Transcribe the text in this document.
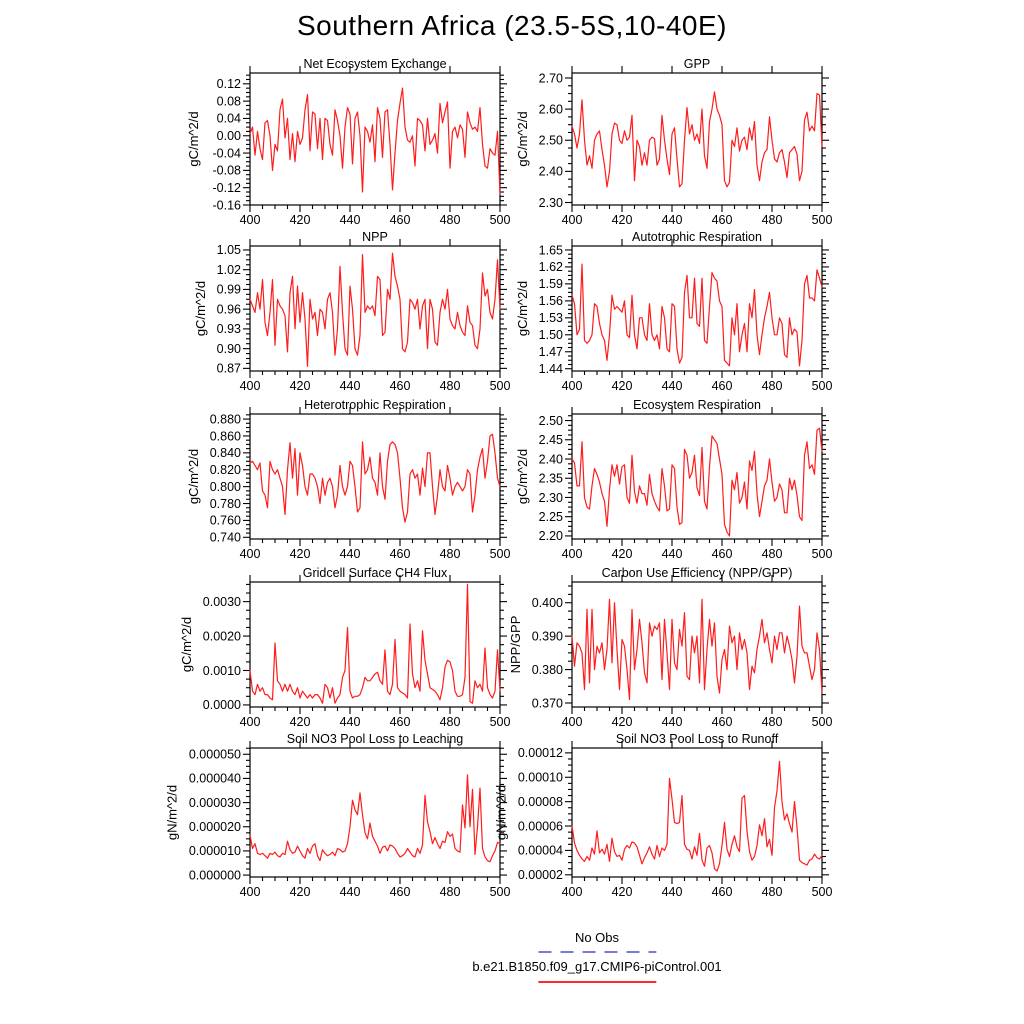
Southern Africa (23.5-5S,10-40E)
Net Ecosystem Exchange
gC/m^2/d
400 420 440 460 480 500
-0.16
-0.12
-0.08
-0.04
0.00
0.04
0.08
0.12
GPP
gC/m^2/d
400 420 440 460 480 500
2.30
2.40
2.50
2.60
2.70
NPP
gC/m^2/d
400 420 440 460 480 500
0.87
0.90
0.93
0.96
0.99
1.02
1.05
Autotrophic Respiration
gC/m^2/d
400 420 440 460 480 500
1.44
1.47
1.50
1.53
1.56
1.59
1.62
1.65
Heterotrophic Respiration
gC/m^2/d
400 420 440 460 480 500
0.740
0.760
0.780
0.800
0.820
0.840
0.860
0.880
Ecosystem Respiration
gC/m^2/d
400 420 440 460 480 500
2.20
2.25
2.30
2.35
2.40
2.45
2.50
Gridcell Surface CH4 Flux
gC/m^2/d
400 420 440 460 480 500
0.0000
0.0010
0.0020
0.0030
Carbon Use Efficiency (NPP/GPP)
NPP/GPP
400 420 440 460 480 500
0.370
0.380
0.390
0.400
Soil NO3 Pool Loss to Leaching
gN/m^2/d
400 420 440 460 480 500
0.000000
0.000010
0.000020
0.000030
0.000040
0.000050
Soil NO3 Pool Loss to Runoff
gN/m^2/d
400 420 440 460 480 500
0.00002
0.00004
0.00006
0.00008
0.00010
0.00012
No Obs
b.e21.B1850.f09_g17.CMIP6-piControl.001
